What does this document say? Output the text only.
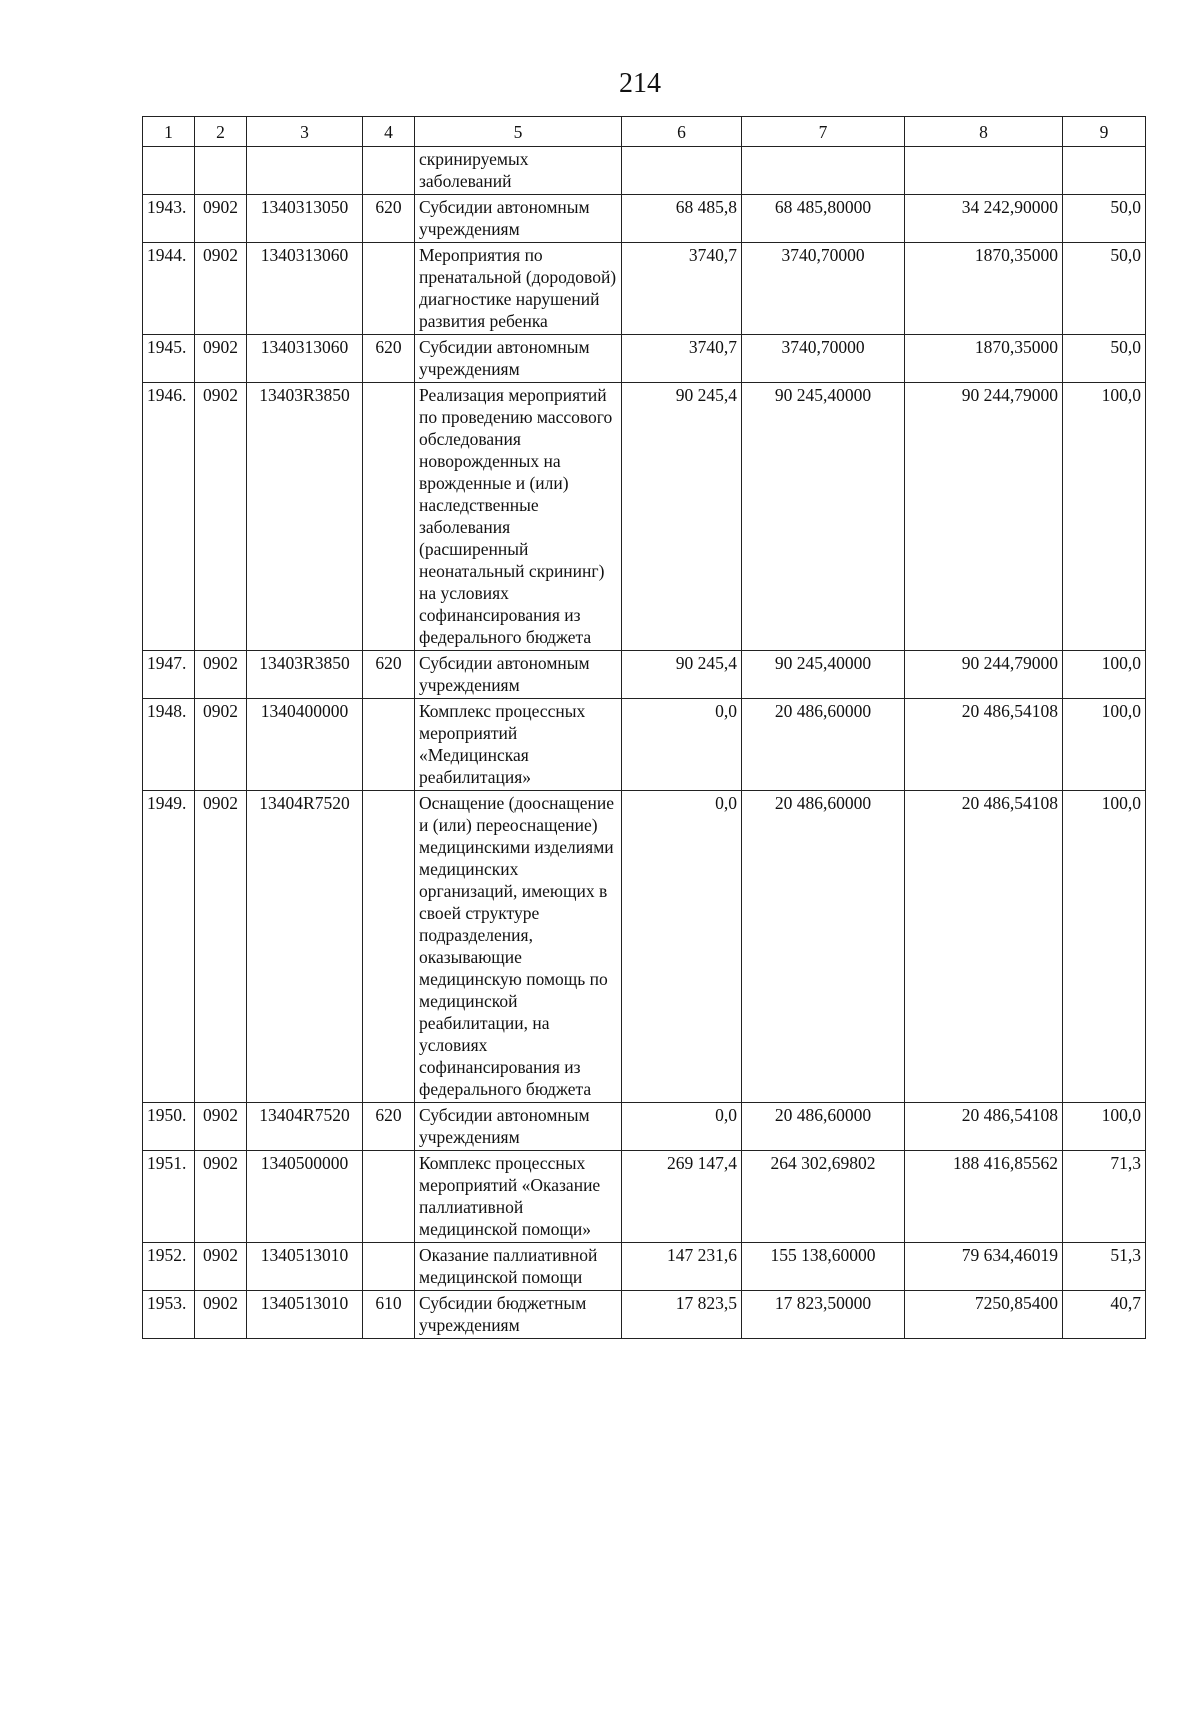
214
1	2	3	4	5	6	7	8	9
				скринируемых заболеваний				
1943.	0902	1340313050	620	Субсидии автономным учреждениям	68 485,8	68 485,80000	34 242,90000	50,0
1944.	0902	1340313060		Мероприятия по пренатальной (дородовой) диагностике нарушений развития ребенка	3740,7	3740,70000	1870,35000	50,0
1945.	0902	1340313060	620	Субсидии автономным учреждениям	3740,7	3740,70000	1870,35000	50,0
1946.	0902	13403R3850		Реализация мероприятий по проведению массового обследования новорожденных на врожденные и (или) наследственные заболевания (расширенный неонатальный скрининг) на условиях софинансирования из федерального бюджета	90 245,4	90 245,40000	90 244,79000	100,0
1947.	0902	13403R3850	620	Субсидии автономным учреждениям	90 245,4	90 245,40000	90 244,79000	100,0
1948.	0902	1340400000		Комплекс процессных мероприятий «Медицинская реабилитация»	0,0	20 486,60000	20 486,54108	100,0
1949.	0902	13404R7520		Оснащение (дооснащение и (или) переоснащение) медицинскими изделиями медицинских организаций, имеющих в своей структуре подразделения, оказывающие медицинскую помощь по медицинской реабилитации, на условиях софинансирования из федерального бюджета	0,0	20 486,60000	20 486,54108	100,0
1950.	0902	13404R7520	620	Субсидии автономным учреждениям	0,0	20 486,60000	20 486,54108	100,0
1951.	0902	1340500000		Комплекс процессных мероприятий «Оказание паллиативной медицинской помощи»	269 147,4	264 302,69802	188 416,85562	71,3
1952.	0902	1340513010		Оказание паллиативной медицинской помощи	147 231,6	155 138,60000	79 634,46019	51,3
1953.	0902	1340513010	610	Субсидии бюджетным учреждениям	17 823,5	17 823,50000	7250,85400	40,7
